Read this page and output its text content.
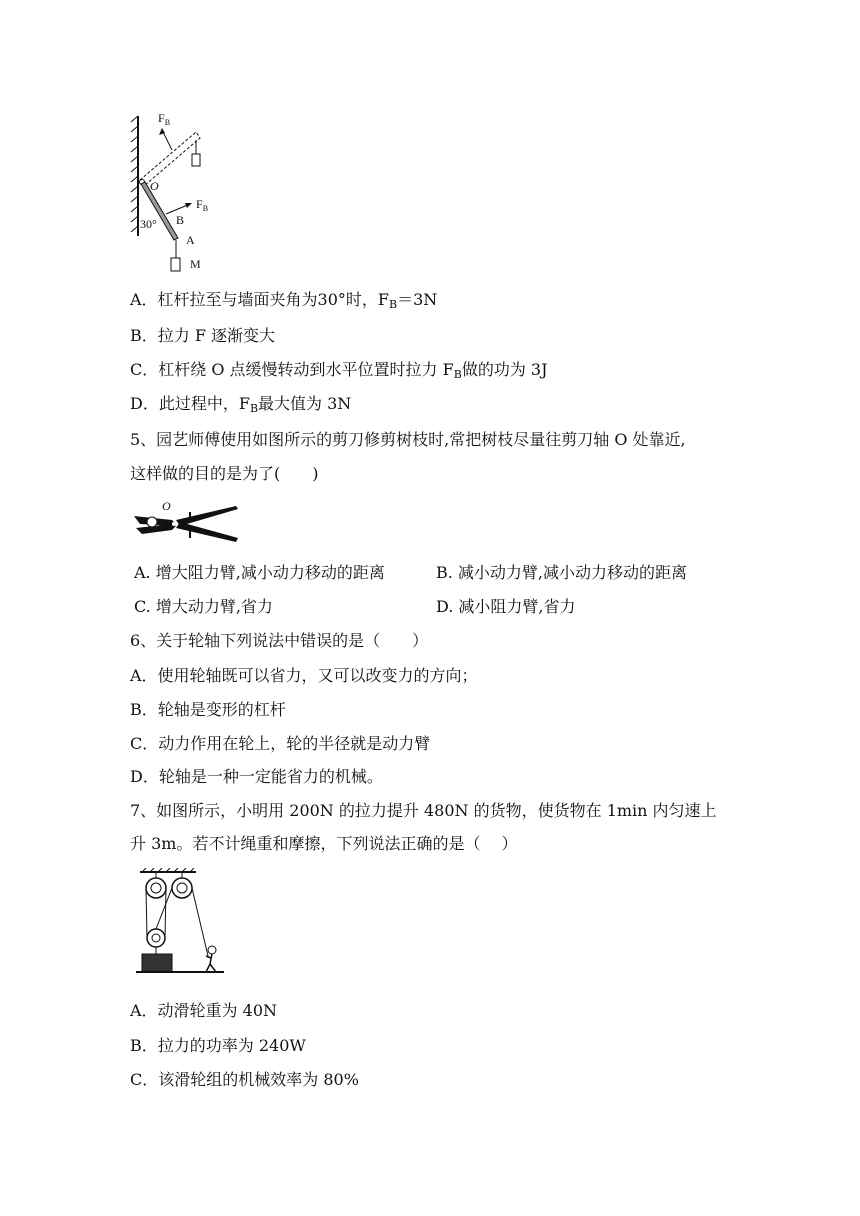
$F_B$
O
$F_B$
B
30°
A
M
A．杠杆拉至与墙面夹角为30°时，$F_B=3N$
B．拉力 F 逐渐变大
C．杠杆绕 O 点缓慢转动到水平位置时拉力 $F_B$做的功为 3J
D．此过程中，$F_B$最大值为 3N
5、园艺师傅使用如图所示的剪刀修剪树枝时,常把树枝尽量往剪刀轴 O 处靠近,
这样做的目的是为了(　　)
O
A. 增大阻力臂,减小动力移动的距离	B. 减小动力臂,减小动力移动的距离
C. 增大动力臂,省力	D. 减小阻力臂,省力
6、关于轮轴下列说法中错误的是（　　）
A．使用轮轴既可以省力，又可以改变力的方向；
B．轮轴是变形的杠杆
C．动力作用在轮上，轮的半径就是动力臂
D．轮轴是一种一定能省力的机械。
7、如图所示，小明用 200N 的拉力提升 480N 的货物，使货物在 1min 内匀速上
升 3m。若不计绳重和摩擦，下列说法正确的是（　 ）
A．动滑轮重为 40N
B．拉力的功率为 240W
C．该滑轮组的机械效率为 80%
